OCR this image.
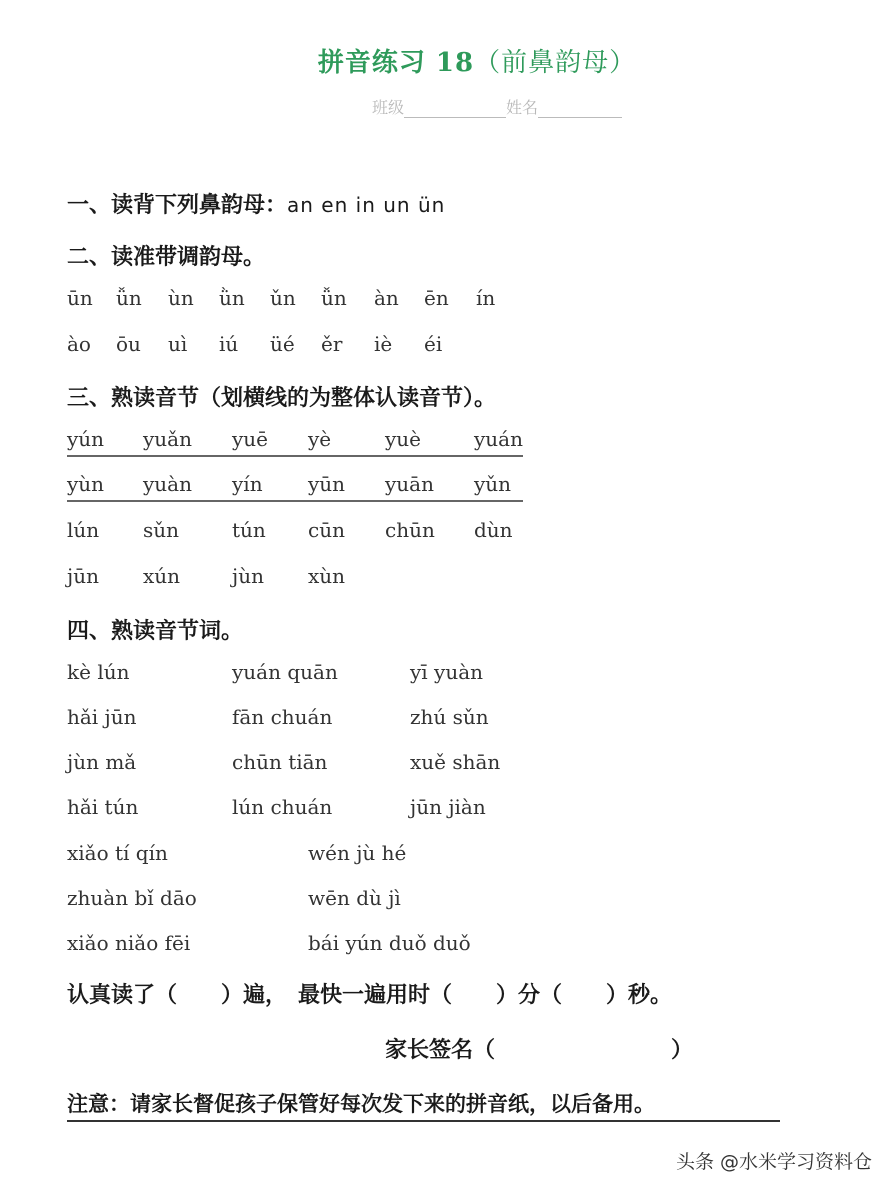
拼音练习 18（前鼻韵母）
班级	姓名
一、读背下列鼻韵母：an en in un ün
二、读准带调韵母。
ūn ǚn ùn ǜn ǔn ǚn àn ēn ín
ào ōu uì iú üé ěr iè éi
三、熟读音节（划横线的为整体认读音节）。
yún yuǎn yuē yè	yuè	yuán
yùn yuàn yín yūn yuān yǔn
lún sǔn	tún cūn chūn dùn
jūn xún	jùn xùn
四、熟读音节词。
kè lún	yuán quān	yī yuàn
hǎi jūn	fān chuán	zhú sǔn
jùn mǎ	chūn tiān	xuě shān
hǎi tún	lún chuán	jūn jiàn
xiǎo tí qín	wén jù hé
zhuàn bǐ dāo	wēn dù jì
xiǎo niǎo fēi	bái yún duǒ duǒ
认真读了（　　）遍，　最快一遍用时（　　）分（　　）秒。
家长签名（　　　　　　　　）
注意：请家长督促孩子保管好每次发下来的拼音纸，以后备用。
头条 @水米学习资料仓
